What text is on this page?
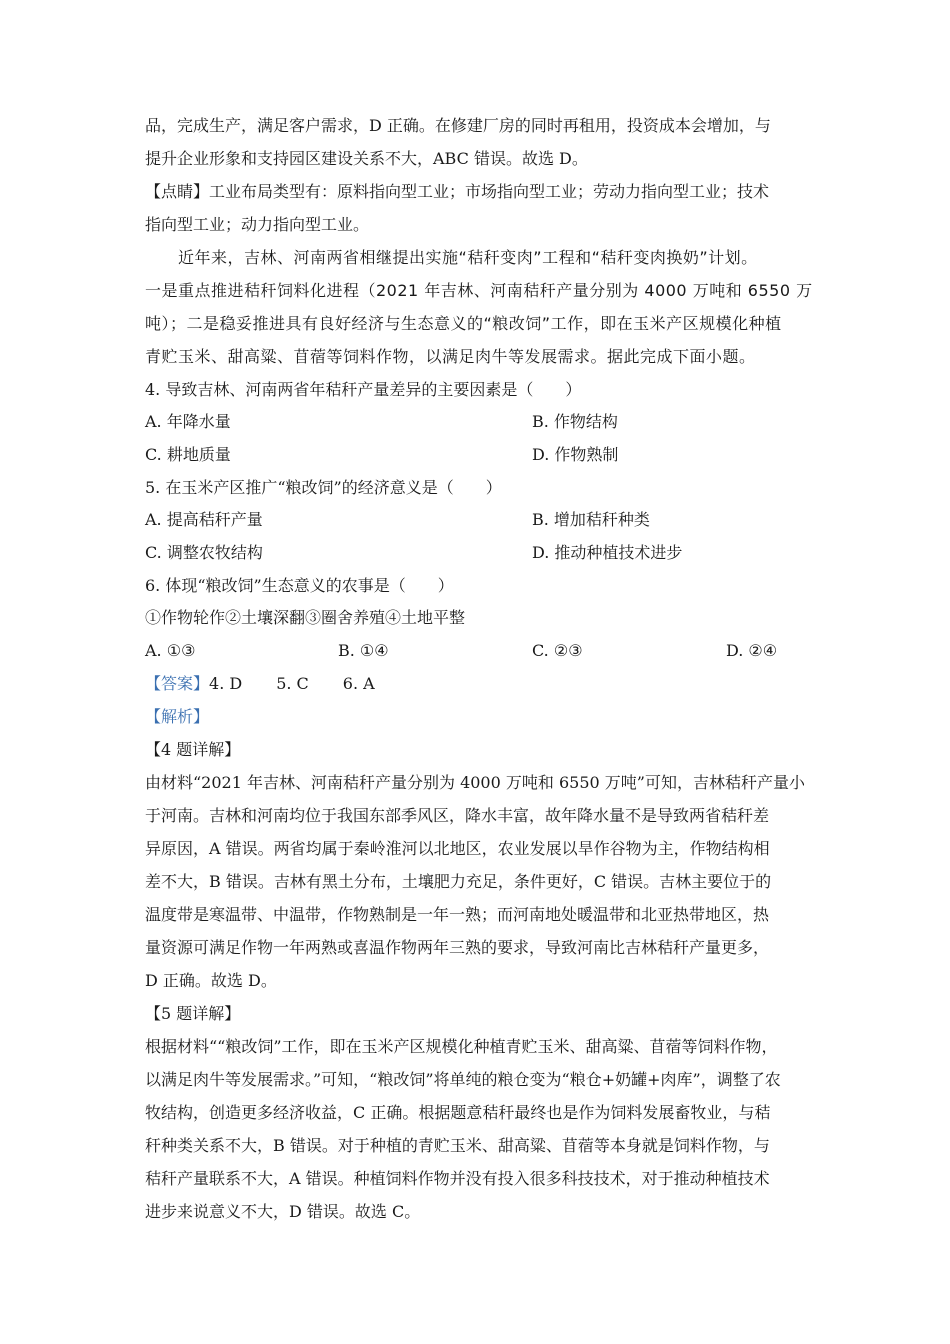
品，完成生产，满足客户需求，D 正确。在修建厂房的同时再租用，投资成本会增加，与
提升企业形象和支持园区建设关系不大，ABC 错误。故选 D。
【点睛】工业布局类型有：原料指向型工业；市场指向型工业；劳动力指向型工业；技术
指向型工业；动力指向型工业。
近年来，吉林、河南两省相继提出实施“秸秆变肉”工程和“秸秆变肉换奶”计划。
一是重点推进秸秆饲料化进程（2021 年吉林、河南秸秆产量分别为 4000 万吨和 6550 万
吨）；二是稳妥推进具有良好经济与生态意义的“粮改饲”工作，即在玉米产区规模化种植
青贮玉米、甜高粱、苜蓿等饲料作物，以满足肉牛等发展需求。据此完成下面小题。
4. 导致吉林、河南两省年秸秆产量差异的主要因素是（　　）
A. 年降水量	B. 作物结构
C. 耕地质量	D. 作物熟制
5. 在玉米产区推广“粮改饲”的经济意义是（　　）
A. 提高秸秆产量	B. 增加秸秆种类
C. 调整农牧结构	D. 推动种植技术进步
6. 体现“粮改饲”生态意义的农事是（　　）
①作物轮作②土壤深翻③圈舍养殖④土地平整
A. ①③	B. ①④	C. ②③	D. ②④
【答案】4. D 5. C 6. A
【解析】
【4 题详解】
由材料“2021 年吉林、河南秸秆产量分别为 4000 万吨和 6550 万吨”可知，吉林秸秆产量小
于河南。吉林和河南均位于我国东部季风区，降水丰富，故年降水量不是导致两省秸秆差
异原因，A 错误。两省均属于秦岭淮河以北地区，农业发展以旱作谷物为主，作物结构相
差不大，B 错误。吉林有黑土分布，土壤肥力充足，条件更好，C 错误。吉林主要位于的
温度带是寒温带、中温带，作物熟制是一年一熟；而河南地处暖温带和北亚热带地区，热
量资源可满足作物一年两熟或喜温作物两年三熟的要求，导致河南比吉林秸秆产量更多，
D 正确。故选 D。
【5 题详解】
根据材料““粮改饲”工作，即在玉米产区规模化种植青贮玉米、甜高粱、苜蓿等饲料作物，
以满足肉牛等发展需求。”可知，“粮改饲”将单纯的粮仓变为“粮仓+奶罐+肉库”，调整了农
牧结构，创造更多经济收益，C 正确。根据题意秸秆最终也是作为饲料发展畜牧业，与秸
秆种类关系不大，B 错误。对于种植的青贮玉米、甜高粱、苜蓿等本身就是饲料作物，与
秸秆产量联系不大，A 错误。种植饲料作物并没有投入很多科技技术，对于推动种植技术
进步来说意义不大，D 错误。故选 C。
